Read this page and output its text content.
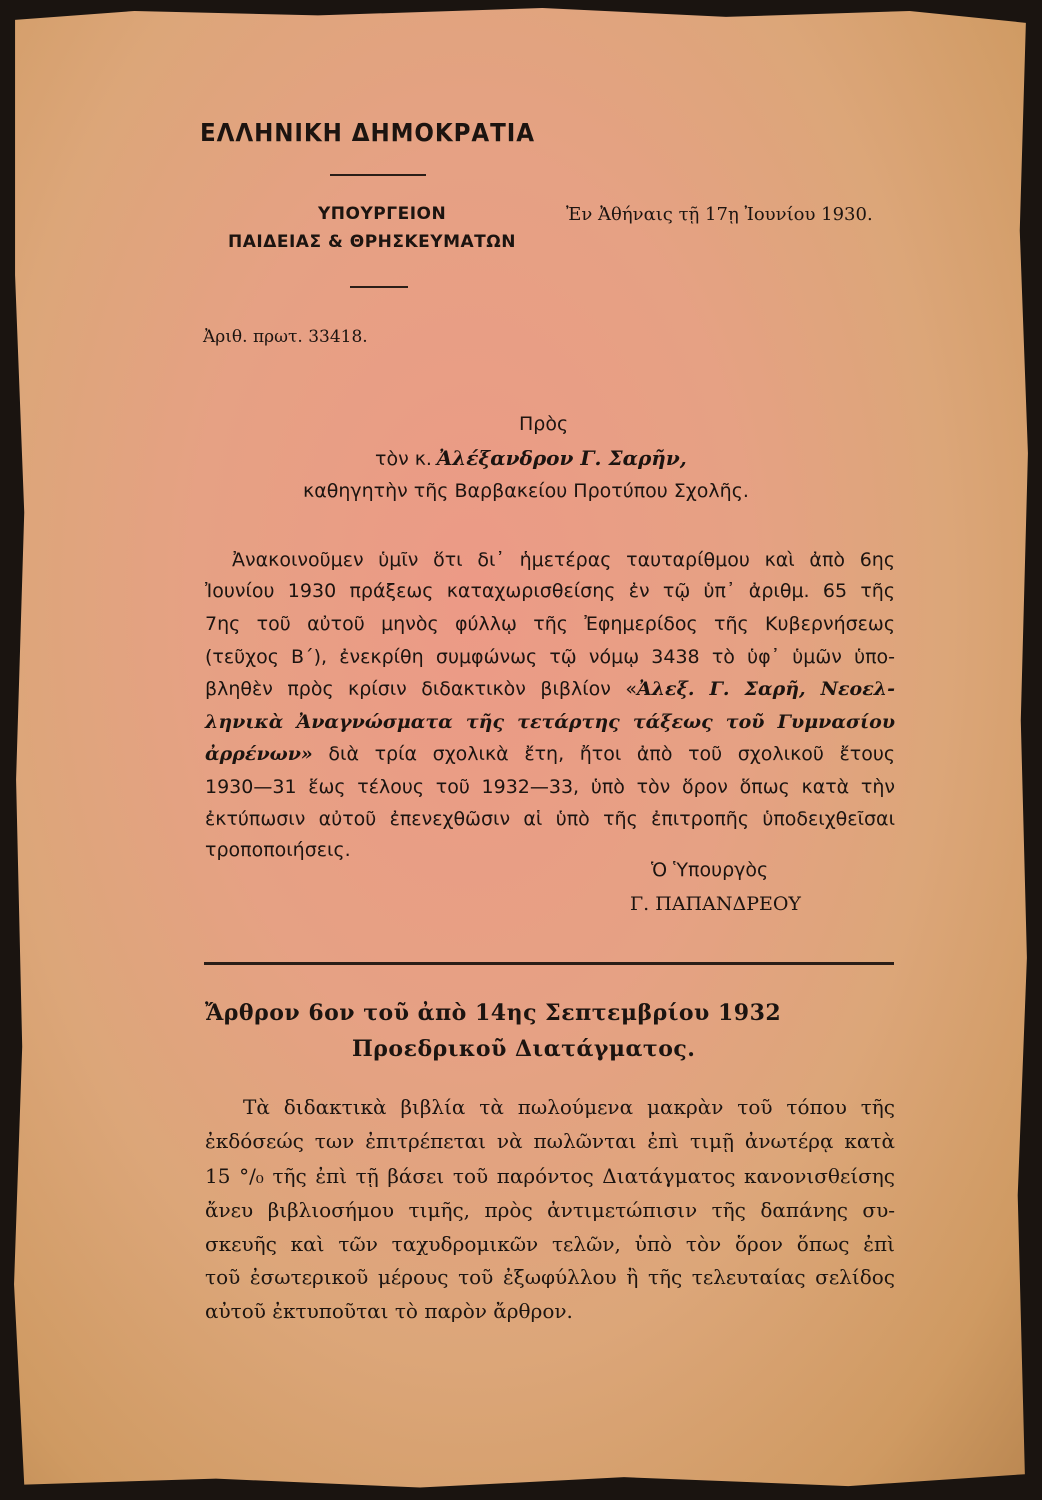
ΕΛΛΗΝΙΚΗ ΔΗΜΟΚΡΑΤΙΑ
ΥΠΟΥΡΓΕΙΟΝ
ΠΑΙΔΕΙΑΣ & ΘΡΗΣΚΕΥΜΑΤΩΝ
Ἐν Ἀθήναις τῇ 17ῃ Ἰουνίου 1930.
Ἀριθ. πρωτ. 33418.
Πρὸς
τὸν κ. Ἀλέξανδρον Γ. Σαρῆν,
καθηγητὴν τῆς Βαρβακείου Προτύπου Σχολῆς.
Ἀνακοινοῦμεν ὑμῖν ὅτι δι᾽ ἡμετέρας ταυταρίθμου καὶ ἀπὸ 6ης
Ἰουνίου 1930 πράξεως καταχωρισθείσης ἐν τῷ ὑπ᾽ ἀριθμ. 65 τῆς
7ης τοῦ αὐτοῦ μηνὸς φύλλῳ τῆς Ἐφημερίδος τῆς Κυβερνήσεως
(τεῦχος Β΄), ἐνεκρίθη συμφώνως τῷ νόμῳ 3438 τὸ ὑφ᾽ ὑμῶν ὑπο-
βληθὲν πρὸς κρίσιν διδακτικὸν βιβλίον «Ἀλεξ. Γ. Σαρῆ, Νεοελ-
ληνικὰ Ἀναγνώσματα τῆς τετάρτης τάξεως τοῦ Γυμνασίου
ἀρρένων» διὰ τρία σχολικὰ ἔτη, ἤτοι ἀπὸ τοῦ σχολικοῦ ἔτους
1930—31 ἕως τέλους τοῦ 1932—33, ὑπὸ τὸν ὅρον ὅπως κατὰ τὴν
ἐκτύπωσιν αὐτοῦ ἐπενεχθῶσιν αἱ ὑπὸ τῆς ἐπιτροπῆς ὑποδειχθεῖσαι
τροποποιήσεις.
Ὁ Ὑπουργὸς
Γ. ΠΑΠΑΝΔΡΕΟΥ
Ἄρθρον 6ον τοῦ ἀπὸ 14ης Σεπτεμβρίου 1932
Προεδρικοῦ Διατάγματος.
Τὰ διδακτικὰ βιβλία τὰ πωλούμενα μακρὰν τοῦ τόπου τῆς
ἐκδόσεώς των ἐπιτρέπεται νὰ πωλῶνται ἐπὶ τιμῇ ἀνωτέρᾳ κατὰ
15 °/₀ τῆς ἐπὶ τῇ βάσει τοῦ παρόντος Διατάγματος κανονισθείσης
ἄνευ βιβλιοσήμου τιμῆς, πρὸς ἀντιμετώπισιν τῆς δαπάνης συ-
σκευῆς καὶ τῶν ταχυδρομικῶν τελῶν, ὑπὸ τὸν ὅρον ὅπως ἐπὶ
τοῦ ἐσωτερικοῦ μέρους τοῦ ἐξωφύλλου ἢ τῆς τελευταίας σελίδος
αὐτοῦ ἐκτυποῦται τὸ παρὸν ἄρθρον.
